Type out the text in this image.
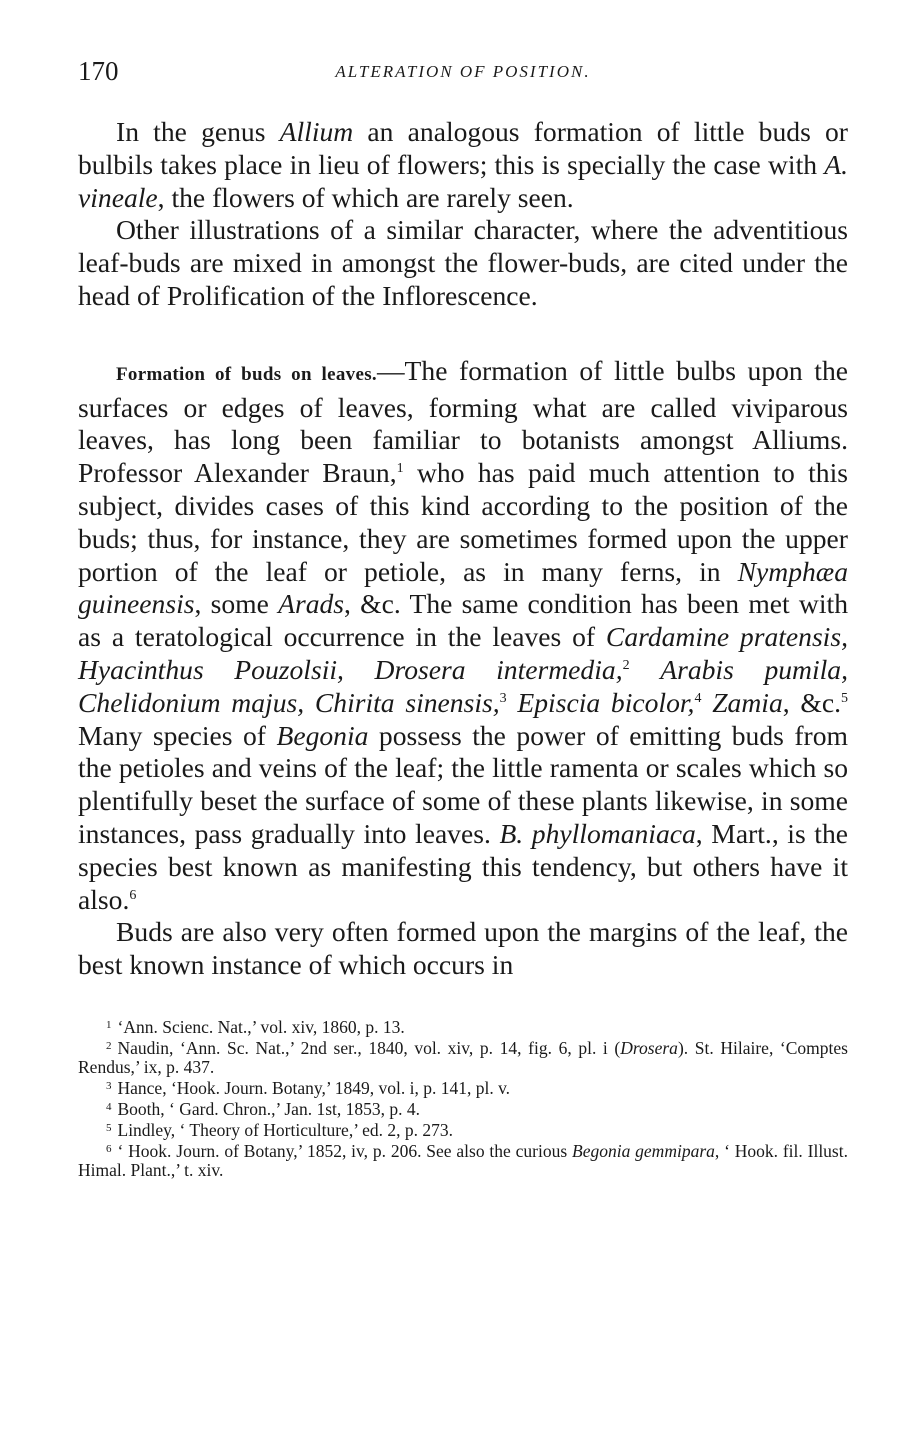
170	ALTERATION OF POSITION.

In the genus Allium an analogous formation of little buds or bulbils takes place in lieu of flowers; this is specially the case with A. vineale, the flowers of which are rarely seen.

Other illustrations of a similar character, where the adventitious leaf-buds are mixed in amongst the flower-buds, are cited under the head of Prolification of the Inflorescence.

Formation of buds on leaves.—The formation of little bulbs upon the surfaces or edges of leaves, forming what are called viviparous leaves, has long been familiar to botanists amongst Alliums. Professor Alexander Braun,$^1$ who has paid much attention to this subject, divides cases of this kind according to the position of the buds; thus, for instance, they are sometimes formed upon the upper portion of the leaf or petiole, as in many ferns, in Nymphæa guineensis, some Arads, &c. The same condition has been met with as a teratological occurrence in the leaves of Cardamine pratensis, Hyacinthus Pouzolsii, Drosera intermedia,$^2$ Arabis pumila, Chelidonium majus, Chirita sinensis,$^3$ Episcia bicolor,$^4$ Zamia, &c.$^5$ Many species of Begonia possess the power of emitting buds from the petioles and veins of the leaf; the little ramenta or scales which so plentifully beset the surface of some of these plants likewise, in some instances, pass gradually into leaves. B. phyllomaniaca, Mart., is the species best known as manifesting this tendency, but others have it also.$^6$

Buds are also very often formed upon the margins of the leaf, the best known instance of which occurs in

$^1$ ‘Ann. Scienc. Nat.,’ vol. xiv, 1860, p. 13.

$^2$ Naudin, ‘Ann. Sc. Nat.,’ 2nd ser., 1840, vol. xiv, p. 14, fig. 6, pl. i (Drosera). St. Hilaire, ‘Comptes Rendus,’ ix, p. 437.

$^3$ Hance, ‘Hook. Journ. Botany,’ 1849, vol. i, p. 141, pl. v.

$^4$ Booth, ‘ Gard. Chron.,’ Jan. 1st, 1853, p. 4.

$^5$ Lindley, ‘ Theory of Horticulture,’ ed. 2, p. 273.

$^6$ ‘ Hook. Journ. of Botany,’ 1852, iv, p. 206. See also the curious Begonia gemmipara, ‘ Hook. fil. Illust. Himal. Plant.,’ t. xiv.
